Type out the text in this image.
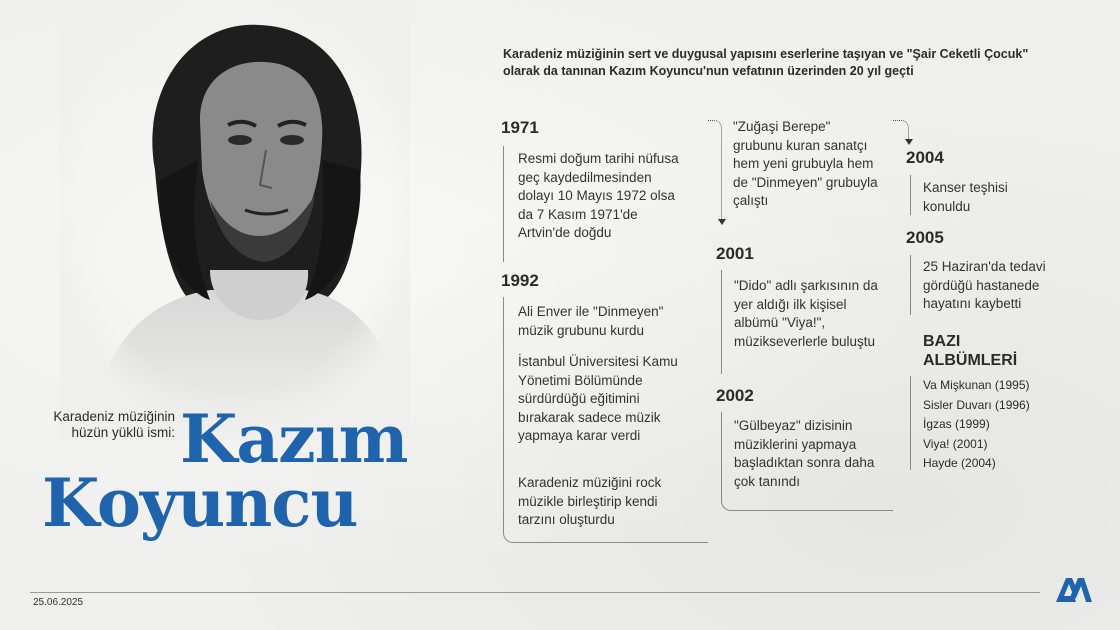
Karadeniz müziğinin hüzün yüklü ismi: Kazım
Koyuncu
Karadeniz müziğinin sert ve duygusal yapısını eserlerine taşıyan ve "Şair Ceketli Çocuk" olarak da tanınan Kazım Koyuncu'nun vefatının üzerinden 20 yıl geçti
1971
Resmi doğum tarihi nüfusa geç kaydedilmesinden dolayı 10 Mayıs 1972 olsa da 7 Kasım 1971'de Artvin'de doğdu
1992
Ali Enver ile "Dinmeyen" müzik grubunu kurdu
İstanbul Üniversitesi Kamu Yönetimi Bölümünde sürdürdüğü eğitimini bırakarak sadece müzik yapmaya karar verdi
Karadeniz müziğini rock müzikle birleştirip kendi tarzını oluşturdu
"Zuğaşi Berepe" grubunu kuran sanatçı hem yeni grubuyla hem de "Dinmeyen" grubuyla çalıştı
2001
"Dido" adlı şarkısının da yer aldığı ilk kişisel albümü "Viya!", müzikseverlerle buluştu
2002
"Gülbeyaz" dizisinin müziklerini yapmaya başladıktan sonra daha çok tanındı
2004
Kanser teşhisi konuldu
2005
25 Haziran'da tedavi gördüğü hastanede hayatını kaybetti
BAZI
ALBÜMLERİ
Va Mişkunan (1995)
Sisler Duvarı (1996)
İgzas (1999)
Viya! (2001)
Hayde (2004)
25.06.2025
